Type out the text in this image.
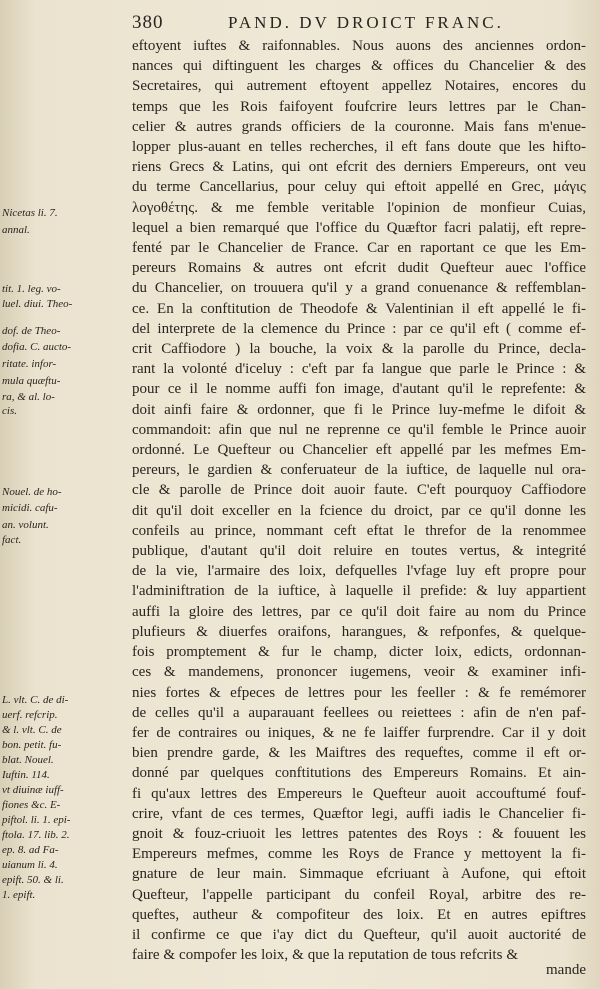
380	PAND. DV DROICT FRANC.
Nicetas li. 7.
annal.
tit. 1. leg. vo-
luel. diui. Theo-
dof. de Theo-
dofia. C. aucto-
ritate. infor-
mula quæftu-
ra, & al. lo-
cis.
Nouel. de ho-
micidi. cafu-
an. volunt.
fact.
L. vlt. C. de di-
uerf. refcrip.
& l. vlt. C. de
bon. petit. fu-
blat. Nouel.
Iuftin. 114.
vt diuinæ iuff-
fiones &c. E-
piftol. li. 1. epi-
ftola. 17. lib. 2.
ep. 8. ad Fa-
uianum li. 4.
epift. 50. & li.
1. epift.

eftoyent iuftes & raifonnables. Nous auons des anciennes ordon-

nances qui diftinguent les charges & offices du Chancelier & des

Secretaires, qui autrement eftoyent appellez Notaires, encores du

temps que les Rois faifoyent foufcrire leurs lettres par le Chan-

celier & autres grands officiers de la couronne. Mais fans m'enue-

lopper plus-auant en telles recherches, il eft fans doute que les hifto-

riens Grecs & Latins, qui ont efcrit des derniers Empereurs, ont veu

du terme Cancellarius, pour celuy qui eftoit appellé en Grec, μάγις

λογοθέτης. & me femble veritable l'opinion de monfieur Cuias,

lequel a bien remarqué que l'office du Quæftor facri palatij, eft repre-

fenté par le Chancelier de France. Car en raportant ce que les Em-

pereurs Romains & autres ont efcrit dudit Quefteur auec l'office

du Chancelier, on trouuera qu'il y a grand conuenance & reffemblan-

ce. En la conftitution de Theodofe & Valentinian il eft appellé le fi-

del interprete de la clemence du Prince : par ce qu'il eft ( comme ef-

crit Caffiodore ) la bouche, la voix & la parolle du Prince, decla-

rant la volonté d'iceluy : c'eft par fa langue que parle le Prince : &

pour ce il le nomme auffi fon image, d'autant qu'il le reprefente: &

doit ainfi faire & ordonner, que fi le Prince luy-mefme le difoit &

commandoit: afin que nul ne reprenne ce qu'il femble le Prince auoir

ordonné. Le Quefteur ou Chancelier eft appellé par les mefmes Em-

pereurs, le gardien & conferuateur de la iuftice, de laquelle nul ora-

cle & parolle de Prince doit auoir faute. C'eft pourquoy Caffiodore

dit qu'il doit exceller en la fcience du droict, par ce qu'il donne les

confeils au prince, nommant ceft eftat le threfor de la renommee

publique, d'autant qu'il doit reluire en toutes vertus, & integrité

de la vie, l'armaire des loix, defquelles l'vfage luy eft propre pour

l'adminiftration de la iuftice, à laquelle il prefide: & luy appartient

auffi la gloire des lettres, par ce qu'il doit faire au nom du Prince

plufieurs & diuerfes oraifons, harangues, & refponfes, & quelque-

fois promptement & fur le champ, dicter loix, edicts, ordonnan-

ces & mandemens, prononcer iugemens, veoir & examiner infi-

nies fortes & efpeces de lettres pour les feeller : & fe remémorer

de celles qu'il a auparauant feellees ou reiettees : afin de n'en paf-

fer de contraires ou iniques, & ne fe laiffer furprendre. Car il y doit

bien prendre garde, & les Maiftres des requeftes, comme il eft or-

donné par quelques conftitutions des Empereurs Romains. Et ain-

fi qu'aux lettres des Empereurs le Quefteur auoit accouftumé fouf-

crire, vfant de ces termes, Quæftor legi, auffi iadis le Chancelier fi-

gnoit & fouz-criuoit les lettres patentes des Roys : & fouuent les

Empereurs mefmes, comme les Roys de France y mettoyent la fi-

gnature de leur main. Simmaque efcriuant à Aufone, qui eftoit

Quefteur, l'appelle participant du confeil Royal, arbitre des re-

queftes, autheur & compofiteur des loix. Et en autres epiftres

il confirme ce que i'ay dict du Quefteur, qu'il auoit auctorité de

faire & compofer les loix, & que la reputation de tous refcrits &

mande
